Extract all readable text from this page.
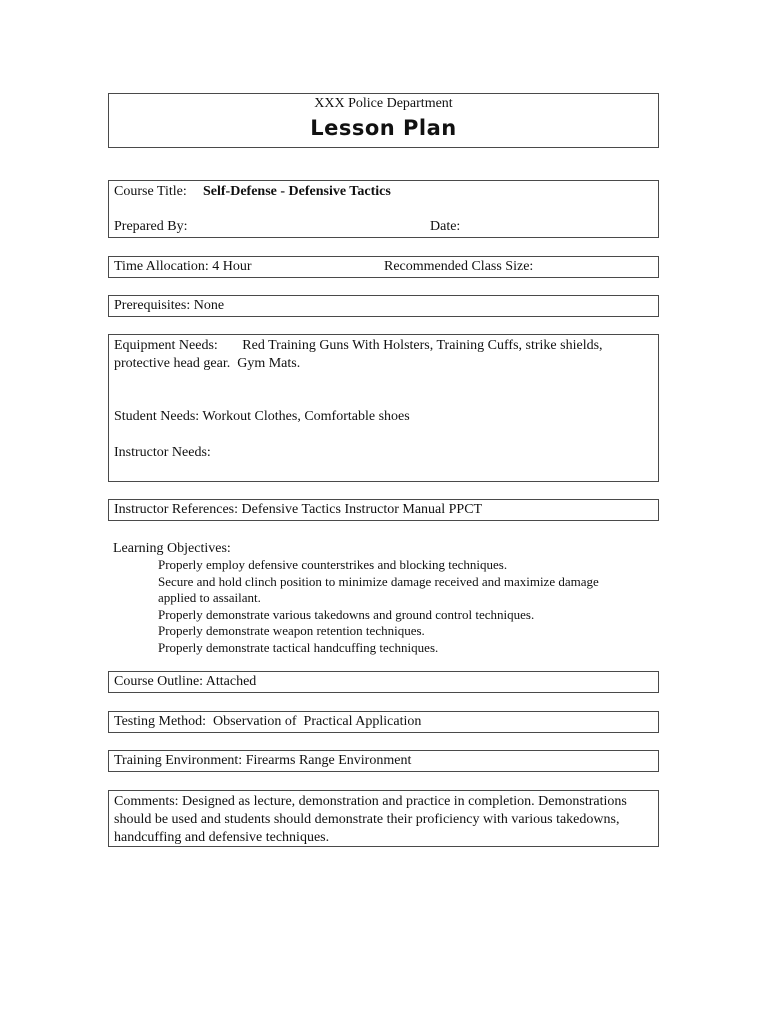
XXX Police Department
Lesson Plan
Course Title: Self-Defense - Defensive Tactics
Prepared By:	Date:
Time Allocation: 4 Hour	Recommended Class Size:
Prerequisites: None
Equipment Needs:       Red Training Guns With Holsters, Training Cuffs, strike shields,
protective head gear.  Gym Mats.
Student Needs: Workout Clothes, Comfortable shoes
Instructor Needs:
Instructor References: Defensive Tactics Instructor Manual PPCT
Learning Objectives:
Properly employ defensive counterstrikes and blocking techniques.
Secure and hold clinch position to minimize damage received and maximize damage
applied to assailant.
Properly demonstrate various takedowns and ground control techniques.
Properly demonstrate weapon retention techniques.
Properly demonstrate tactical handcuffing techniques.
Course Outline: Attached
Testing Method:  Observation of  Practical Application
Training Environment: Firearms Range Environment
Comments: Designed as lecture, demonstration and practice in completion. Demonstrations should be used and students should demonstrate their proficiency with various takedowns, handcuffing and defensive techniques.
